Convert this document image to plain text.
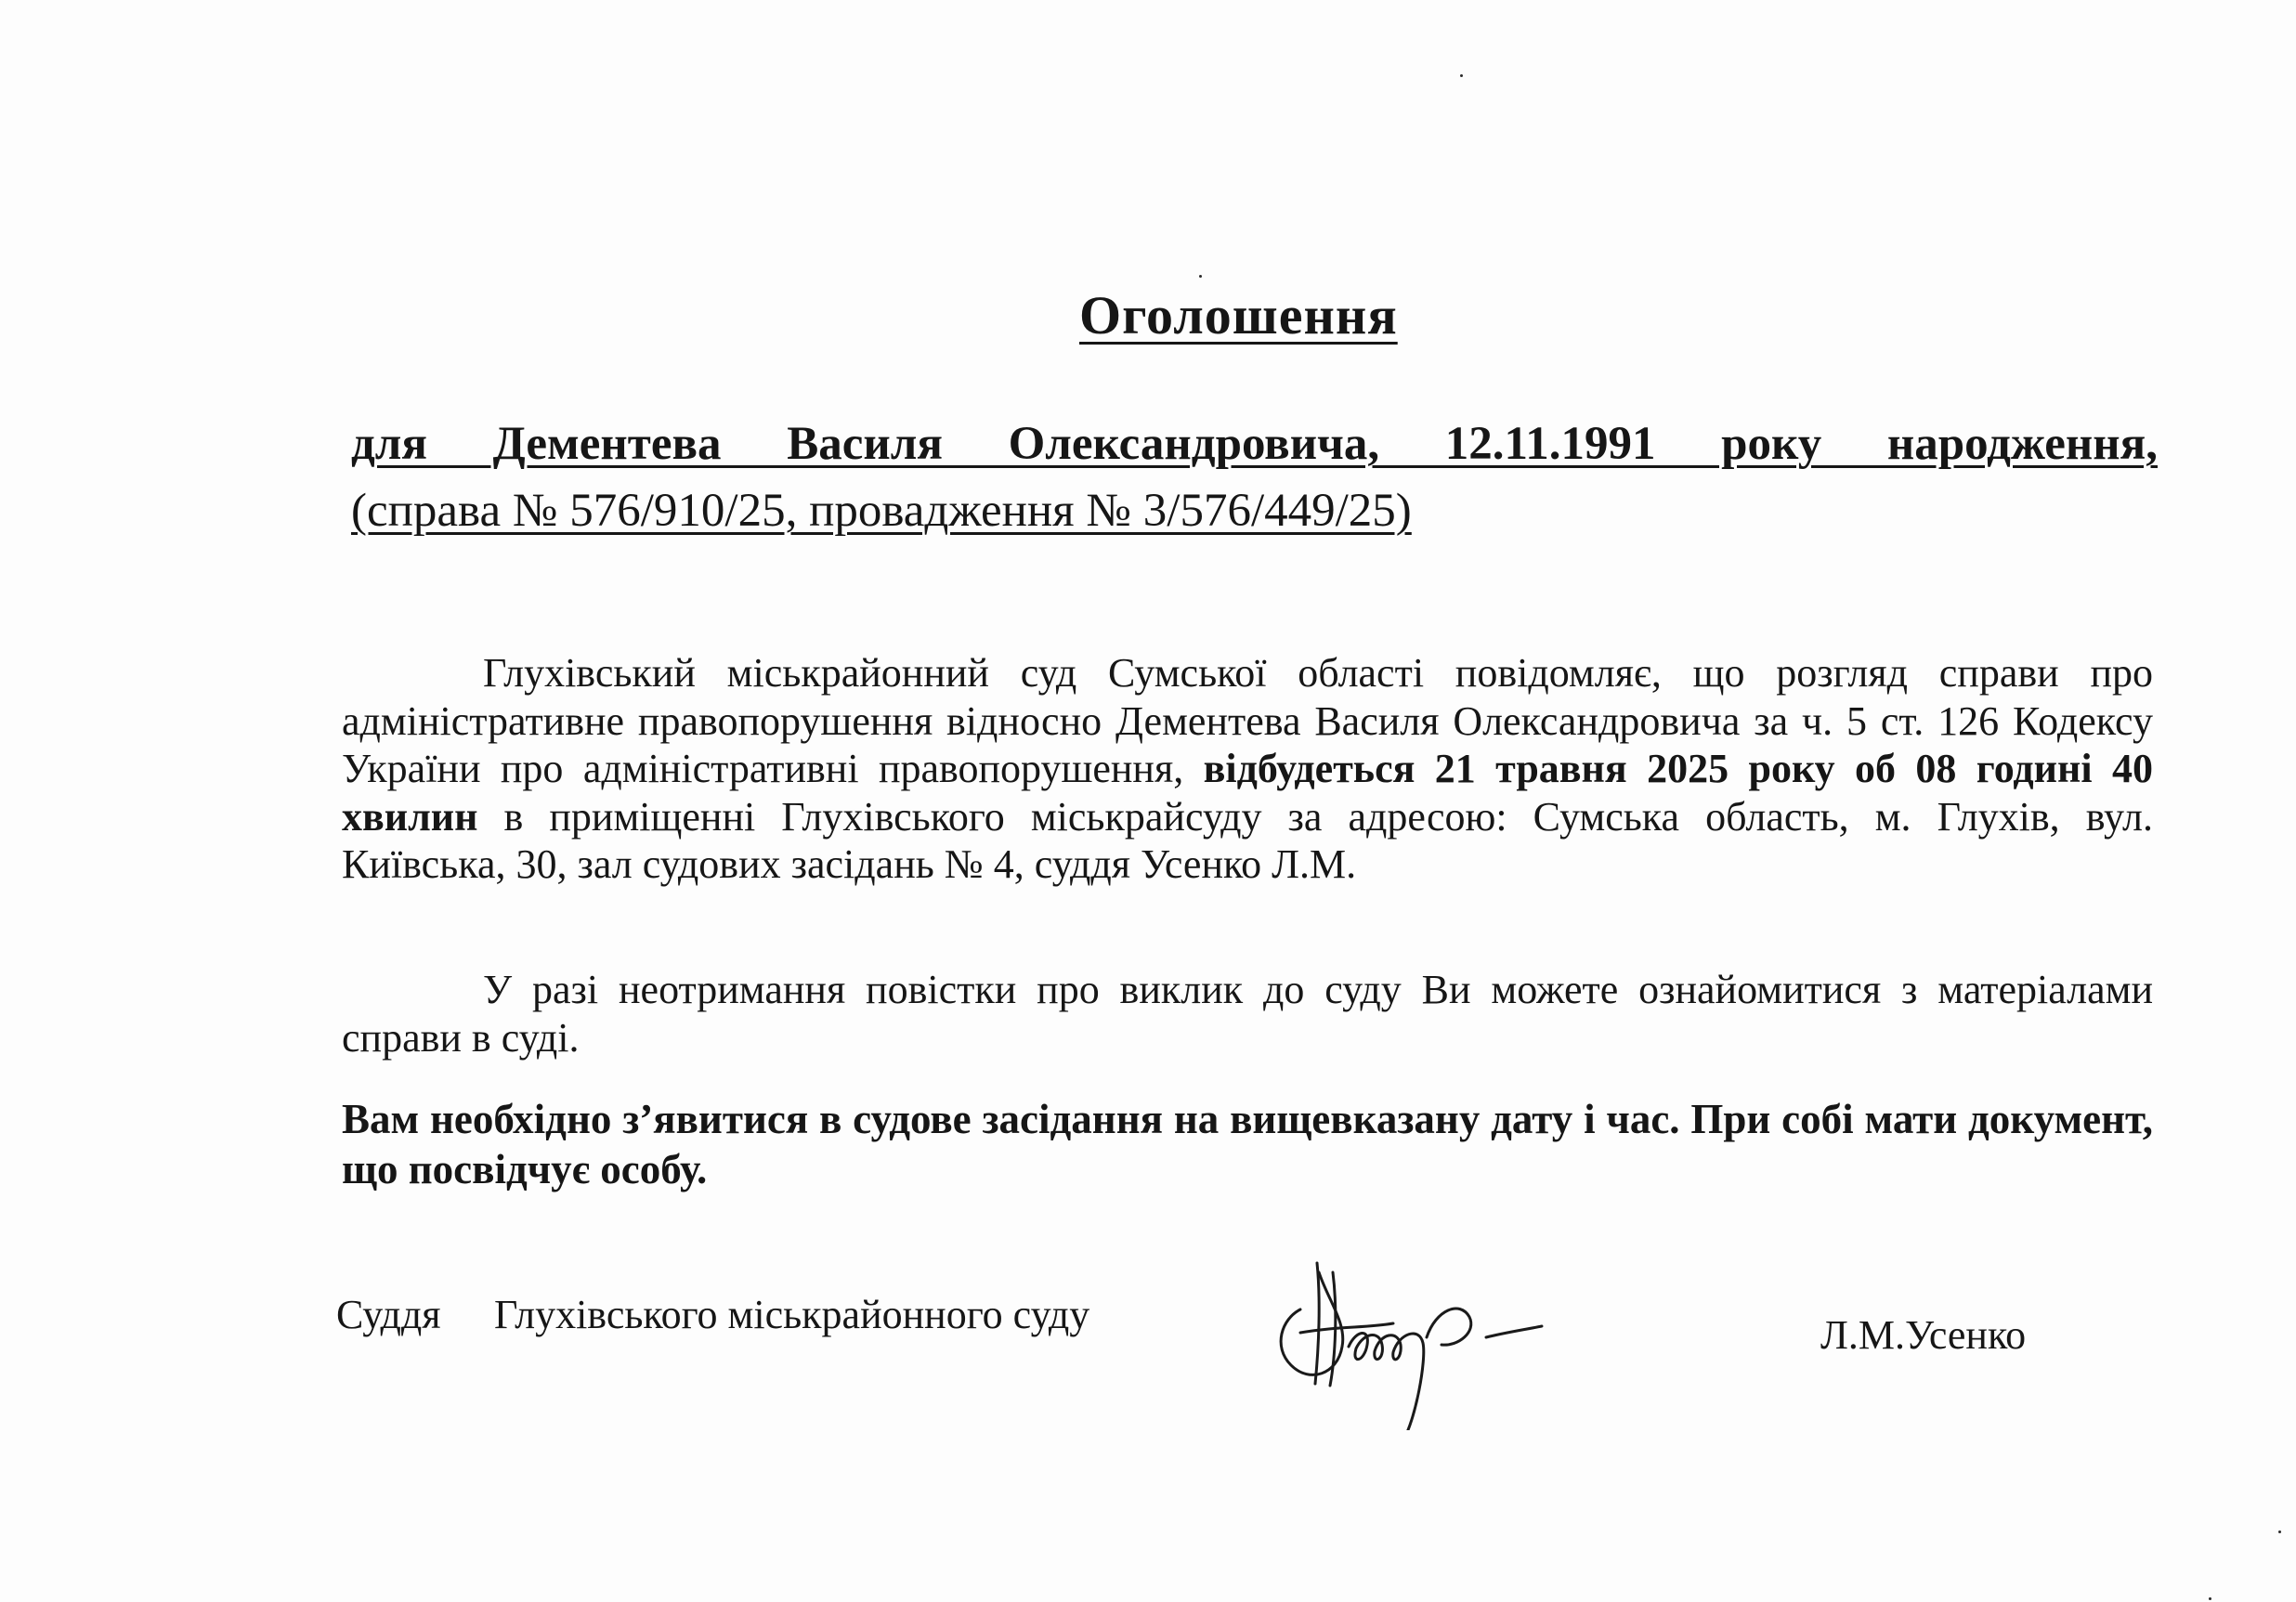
Оголошення
для Дементева Василя Олександровича, 12.11.1991 року народження,
(справа № 576/910/25, провадження № 3/576/449/25)
Глухівський міськрайонний суд Сумської області повідомляє, що розгляд справи про адміністративне правопорушення відносно Дементева Василя Олександровича за ч. 5 ст. 126 Кодексу України про адміністративні правопорушення, відбудеться 21 травня 2025 року об 08 годині 40 хвилин в приміщенні Глухівського міськрайсуду за адресою: Сумська область, м. Глухів, вул. Київська, 30, зал судових засідань № 4, суддя Усенко Л.М.
У разі неотримання повістки про виклик до суду Ви можете ознайомитися з матеріалами справи в суді.
Вам необхідно з’явитися в судове засідання на вищевказану дату і час. При собі мати документ, що посвідчує особу.
Суддя Глухівського міськрайонного суду	Л.М.Усенко
